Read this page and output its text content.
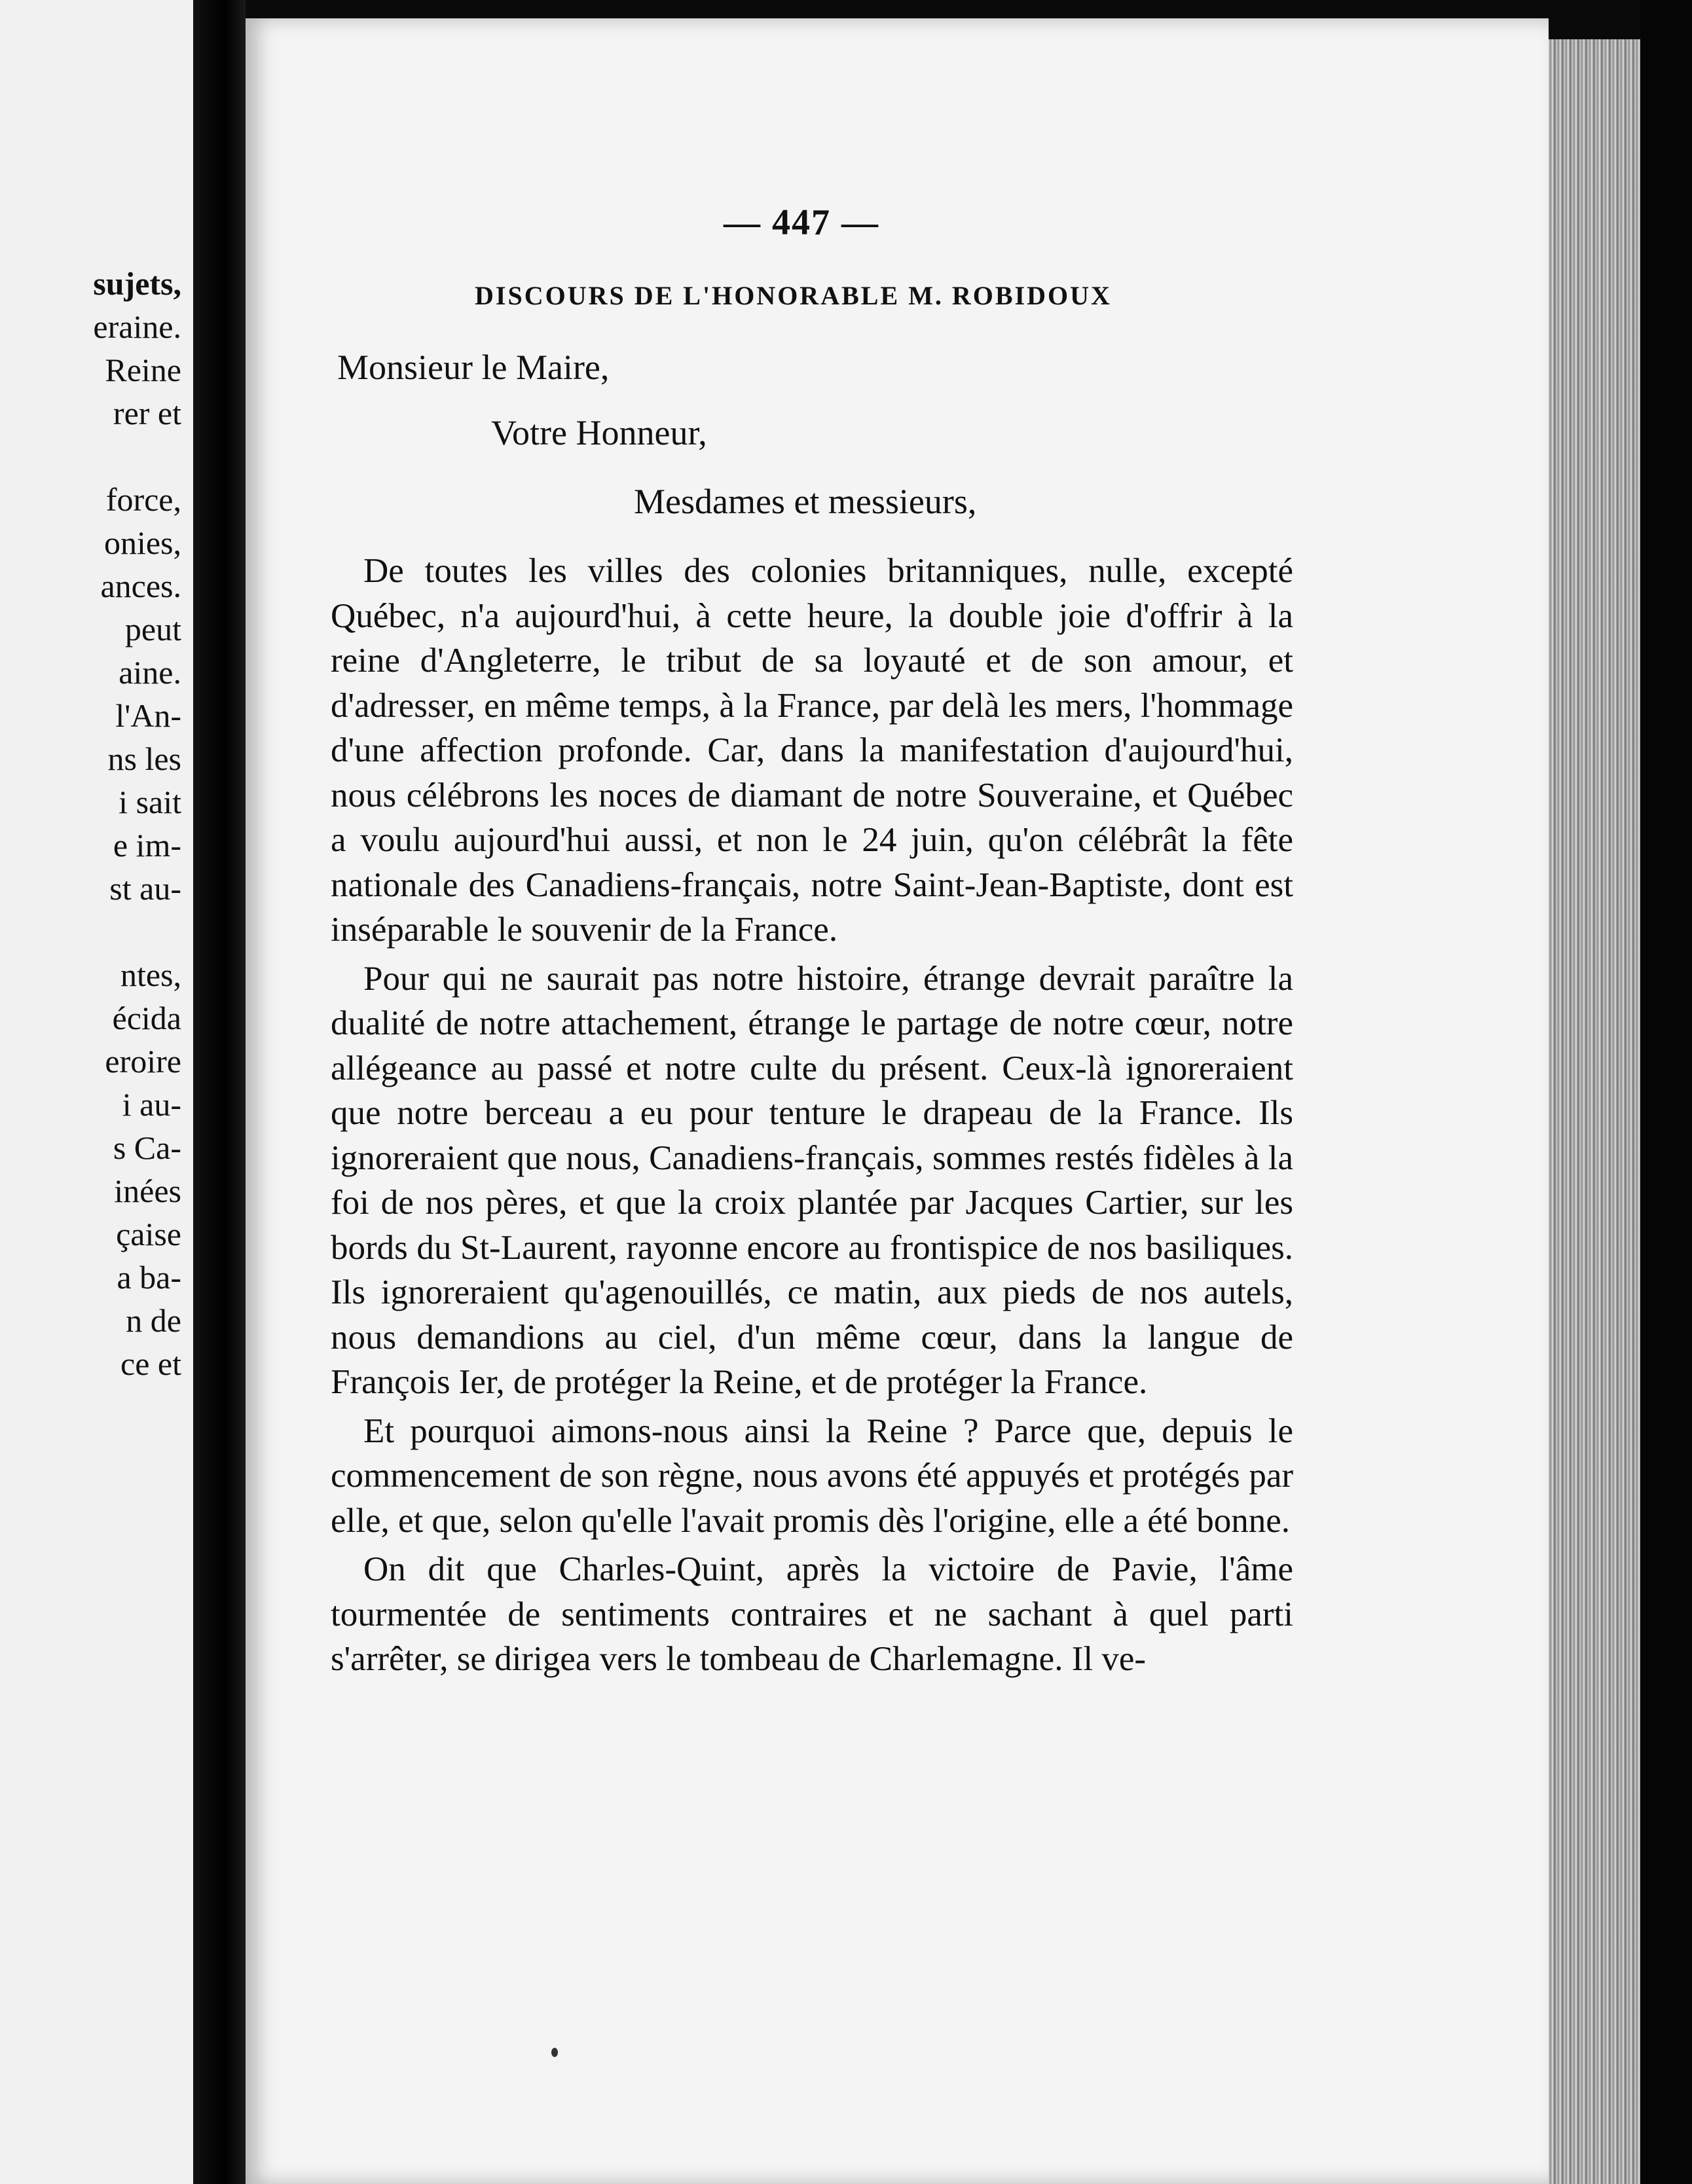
sujets,
eraine.
Reine
rer et
force,
onies,
ances.
peut
aine.
l'An-
ns les
i sait
e im-
st au-
ntes,
écida
eroire
i au-
s Ca-
inées
çaise
a ba-
n de
ce et
— 447 —
DISCOURS DE L'HONORABLE M. ROBIDOUX
Monsieur le Maire,
Votre Honneur,
Mesdames et messieurs,

De toutes les villes des colonies britanniques, nulle, excepté Québec, n'a aujourd'hui, à cette heure, la double joie d'offrir à la reine d'Angleterre, le tribut de sa loyauté et de son amour, et d'adresser, en même temps, à la France, par delà les mers, l'hommage d'une affection profonde. Car, dans la manifestation d'aujourd'hui, nous célébrons les noces de diamant de notre Souveraine, et Québec a voulu aujourd'hui aussi, et non le 24 juin, qu'on célébrât la fête nationale des Canadiens-français, notre Saint-Jean-Baptiste, dont est inséparable le souvenir de la France.

Pour qui ne saurait pas notre histoire, étrange devrait paraître la dualité de notre attachement, étrange le partage de notre cœur, notre allégeance au passé et notre culte du présent. Ceux-là ignoreraient que notre berceau a eu pour tenture le drapeau de la France. Ils ignoreraient que nous, Canadiens-français, sommes restés fidèles à la foi de nos pères, et que la croix plantée par Jacques Cartier, sur les bords du St-Laurent, rayonne encore au frontispice de nos basiliques. Ils ignoreraient qu'agenouillés, ce matin, aux pieds de nos autels, nous demandions au ciel, d'un même cœur, dans la langue de François Ier, de protéger la Reine, et de protéger la France.

Et pourquoi aimons-nous ainsi la Reine ? Parce que, depuis le commencement de son règne, nous avons été appuyés et protégés par elle, et que, selon qu'elle l'avait promis dès l'origine, elle a été bonne.

On dit que Charles-Quint, après la victoire de Pavie, l'âme tourmentée de sentiments contraires et ne sachant à quel parti s'arrêter, se dirigea vers le tombeau de Charlemagne. Il ve-
